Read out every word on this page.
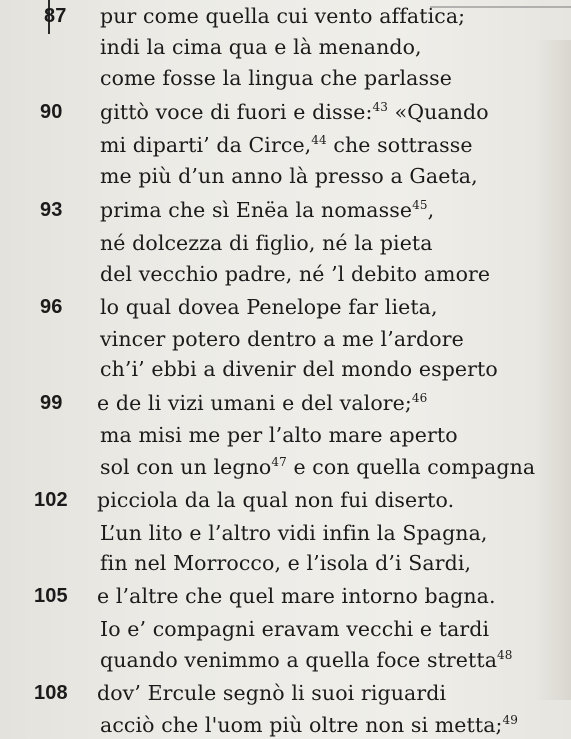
87 pur come quella cui vento affatica;
indi la cima qua e là menando,
come fosse la lingua che parlasse
90 gittò voce di fuori e disse:$^{43}$ «Quando
mi diparti’ da Circe,$^{44}$ che sottrasse
me più d’un anno là presso a Gaeta,
93 prima che sì Enëa la nomasse$^{45}$,
né dolcezza di figlio, né la pieta
del vecchio padre, né ’l debito amore
96 lo qual dovea Penelope far lieta,
vincer potero dentro a me l’ardore
ch’i’ ebbi a divenir del mondo esperto
99 e de li vizi umani e del valore;$^{46}$
ma misi me per l’alto mare aperto
sol con un legno$^{47}$ e con quella compagna
102 picciola da la qual non fui diserto.
L’un lito e l’altro vidi infin la Spagna,
fin nel Morrocco, e l’isola d’i Sardi,
105 e l’altre che quel mare intorno bagna.
Io e’ compagni eravam vecchi e tardi
quando venimmo a quella foce stretta$^{48}$
108 dov’ Ercule segnò li suoi riguardi
acciò che l'uom più oltre non si metta;$^{49}$
